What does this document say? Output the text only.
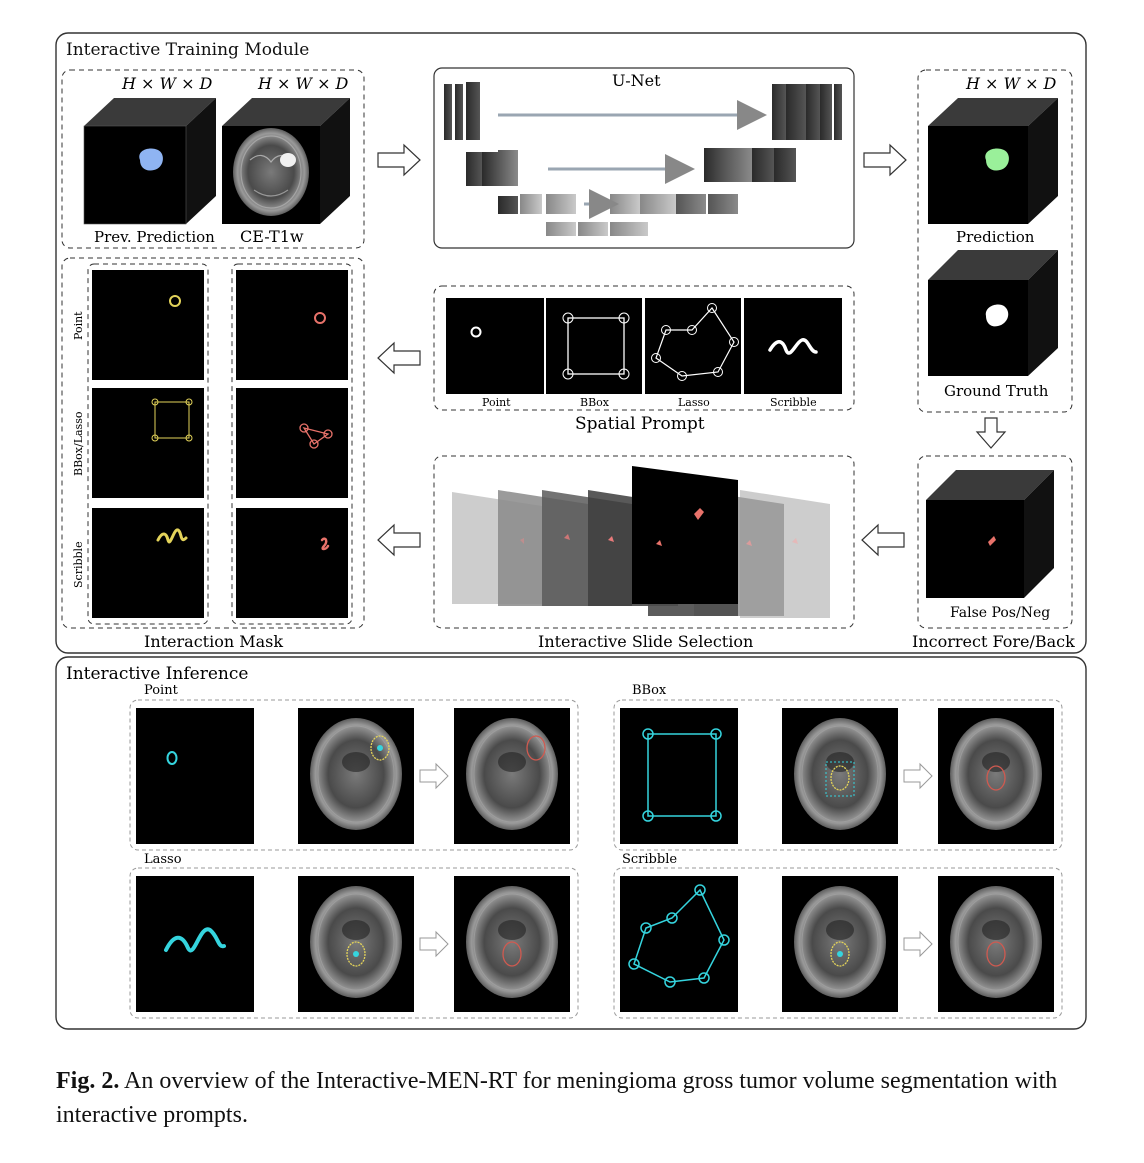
Interactive Training Module
H × W × D	H × W × D
Prev. Prediction CE-T1w
U-Net	H × W × D
Prediction
Ground Truth
False Pos/Neg
Incorrect Fore/Back
Point	BBox	Lasso	Scribble
Spatial Prompt
Interactive Slide Selection
Point
BBox/Lasso
Scribble
Interaction Mask
Interactive Inference
Point	BBox
Lasso	Scribble
Fig. 2. An overview of the Interactive-MEN-RT for meningioma gross tumor volume segmentation with interactive prompts.
